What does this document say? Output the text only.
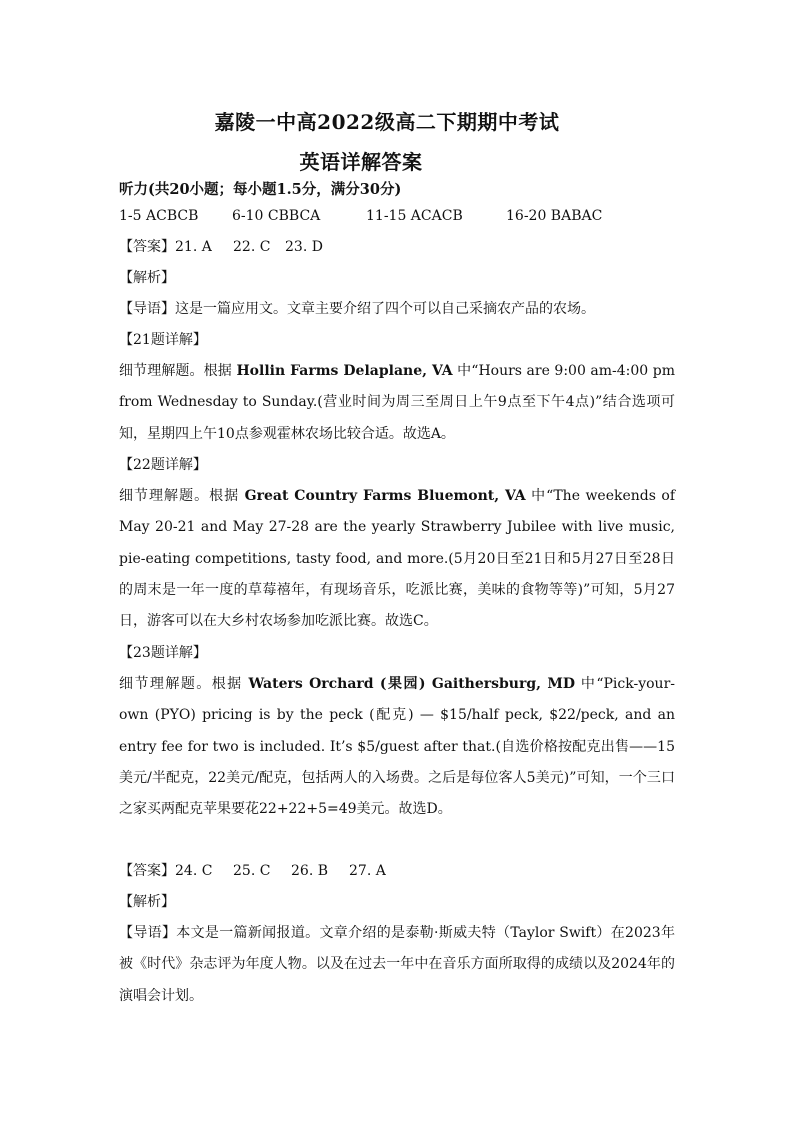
嘉陵一中高2022级高二下期期中考试
英语详解答案
听力(共20小题；每小题1.5分，满分30分)
1-5 ACBCB 6-10 CBBCA	11-15 ACACB	16-20 BABAC
【答案】21. A 22. C 23. D
【解析】
【导语】这是一篇应用文。文章主要介绍了四个可以自己采摘农产品的农场。
【21题详解】
细节理解题。根据 Hollin Farms Delaplane, VA 中“Hours are 9:00 am-4:00 pm from Wednesday to Sunday.(营业时间为周三至周日上午9点至下午4点)”结合选项可知，星期四上午10点参观霍林农场比较合适。故选A。
【22题详解】
细节理解题。根据 Great Country Farms Bluemont, VA 中“The weekends of May 20-21 and May 27-28 are the yearly Strawberry Jubilee with live music, pie-eating competitions, tasty food, and more.(5月20日至21日和5月27日至28日的周末是一年一度的草莓禧年，有现场音乐，吃派比赛，美味的食物等等)”可知，5月27日，游客可以在大乡村农场参加吃派比赛。故选C。
【23题详解】
细节理解题。根据 Waters Orchard (果园) Gaithersburg, MD 中“Pick-your-own (PYO) pricing is by the peck (配克) — $15/half peck, $22/peck, and an entry fee for two is included. It’s $5/guest after that.(自选价格按配克出售——15美元/半配克，22美元/配克，包括两人的入场费。之后是每位客人5美元)”可知，一个三口之家买两配克苹果要花22+22+5=49美元。故选D。
【答案】24. C 25. C 26. B 27. A
【解析】
【导语】本文是一篇新闻报道。文章介绍的是泰勒·斯威夫特（Taylor Swift）在2023年被《时代》杂志评为年度人物。以及在过去一年中在音乐方面所取得的成绩以及2024年的演唱会计划。
